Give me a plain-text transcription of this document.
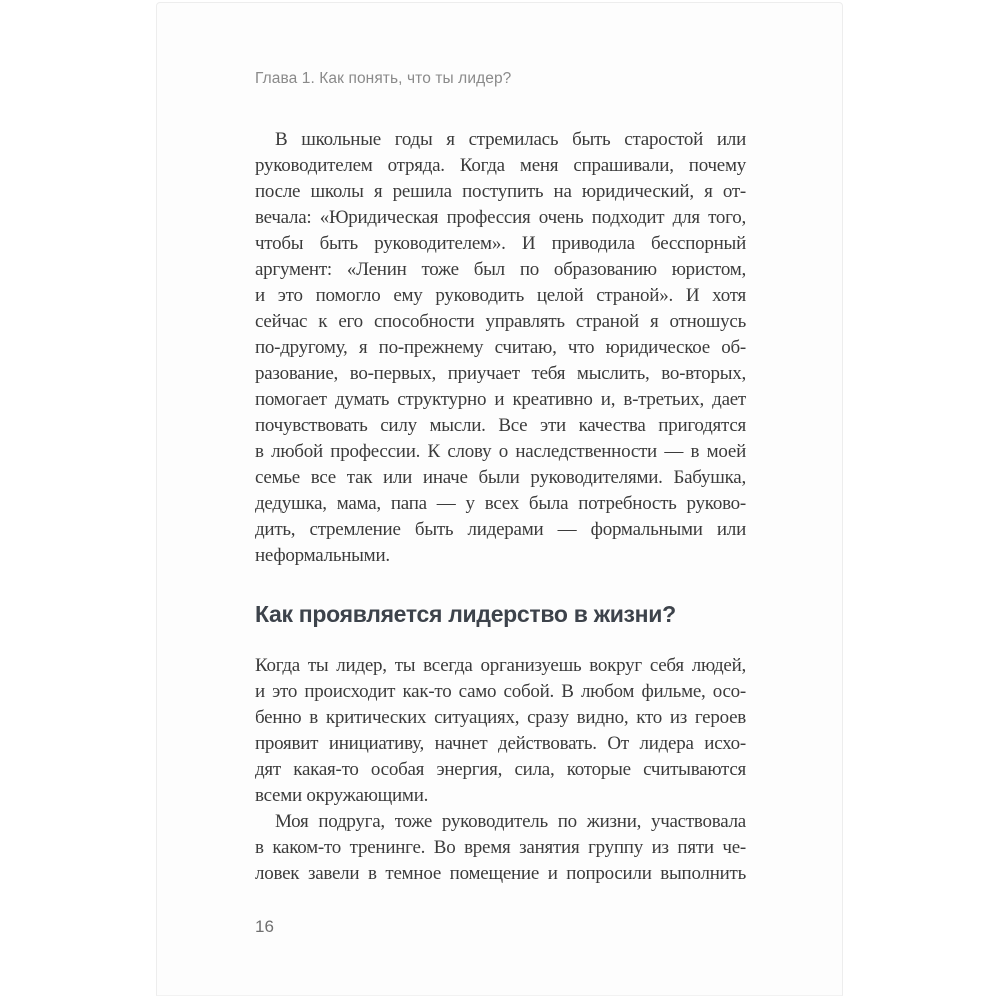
Глава 1. Как понять, что ты лидер?
В школьные годы я стремилась быть старостой или
руководителем отряда. Когда меня спрашивали, почему
после школы я решила поступить на юридический, я от-
вечала: «Юридическая профессия очень подходит для того,
чтобы быть руководителем». И приводила бесспорный
аргумент: «Ленин тоже был по образованию юристом,
и это помогло ему руководить целой страной». И хотя
сейчас к его способности управлять страной я отношусь
по-другому, я по-прежнему считаю, что юридическое об-
разование, во-первых, приучает тебя мыслить, во-вторых,
помогает думать структурно и креативно и, в-третьих, дает
почувствовать силу мысли. Все эти качества пригодятся
в любой профессии. К слову о наследственности — в моей
семье все так или иначе были руководителями. Бабушка,
дедушка, мама, папа — у всех была потребность руково-
дить, стремление быть лидерами — формальными или
неформальными.
Как проявляется лидерство в жизни?
Когда ты лидер, ты всегда организуешь вокруг себя людей,
и это происходит как-то само собой. В любом фильме, осо-
бенно в критических ситуациях, сразу видно, кто из героев
проявит инициативу, начнет действовать. От лидера исхо-
дят какая-то особая энергия, сила, которые считываются
всеми окружающими.
Моя подруга, тоже руководитель по жизни, участвовала
в каком-то тренинге. Во время занятия группу из пяти че-
ловек завели в темное помещение и попросили выполнить
16
